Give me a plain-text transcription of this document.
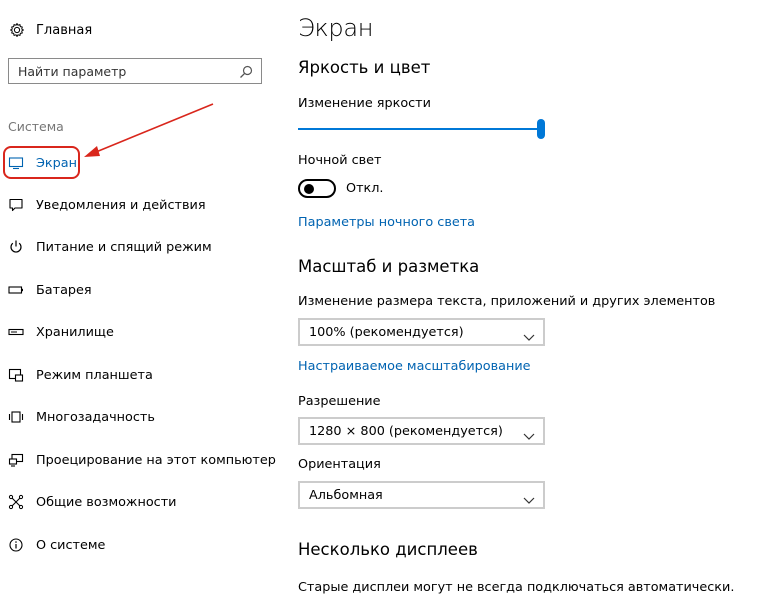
Главная
Найти параметр
Система
Экран
Уведомления и действия
Питание и спящий режим
Батарея
Хранилище
Режим планшета
Многозадачность
Проецирование на этот компьютер
Общие возможности
О системе
Экран
Яркость и цвет
Изменение яркости
Ночной свет
Откл.
Параметры ночного света
Масштаб и разметка
Изменение размера текста, приложений и других элементов
100% (рекомендуется)
Настраиваемое масштабирование
Разрешение
1280 × 800 (рекомендуется)
Ориентация
Альбомная
Несколько дисплеев
Старые дисплеи могут не всегда подключаться автоматически.
